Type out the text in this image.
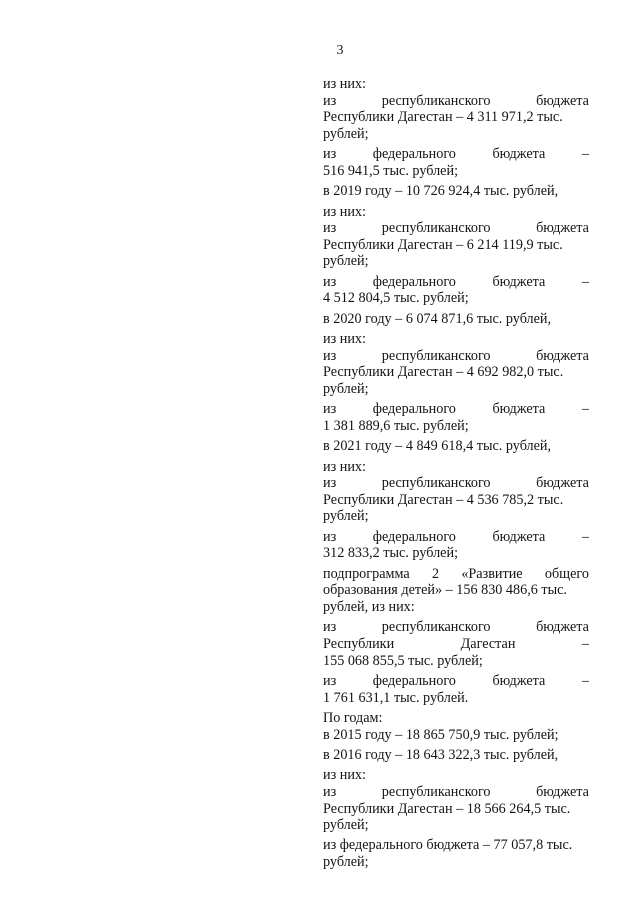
3
из них:
из	республиканского	бюджета
Республики Дагестан – 4 311 971,2 тыс.
рублей;
из	федерального	бюджета	–
516 941,5 тыс. рублей;
в 2019 году – 10 726 924,4 тыс. рублей,
из них:
из	республиканского	бюджета
Республики Дагестан – 6 214 119,9 тыс.
рублей;
из	федерального	бюджета	–
4 512 804,5 тыс. рублей;
в 2020 году – 6 074 871,6 тыс. рублей,
из них:
из	республиканского	бюджета
Республики Дагестан – 4 692 982,0 тыс.
рублей;
из	федерального	бюджета	–
1 381 889,6 тыс. рублей;
в 2021 году – 4 849 618,4 тыс. рублей,
из них:
из	республиканского	бюджета
Республики Дагестан – 4 536 785,2 тыс.
рублей;
из	федерального	бюджета	–
312 833,2 тыс. рублей;
подпрограмма 2 «Развитие общего
образования детей» – 156 830 486,6 тыс.
рублей, из них:
из	республиканского	бюджета
Республики	Дагестан	–
155 068 855,5 тыс. рублей;
из	федерального	бюджета	–
1 761 631,1 тыс. рублей.
По годам:
в 2015 году – 18 865 750,9 тыс. рублей;
в 2016 году – 18 643 322,3 тыс. рублей,
из них:
из	республиканского	бюджета
Республики Дагестан – 18 566 264,5 тыс.
рублей;
из федерального бюджета – 77 057,8 тыс.
рублей;
